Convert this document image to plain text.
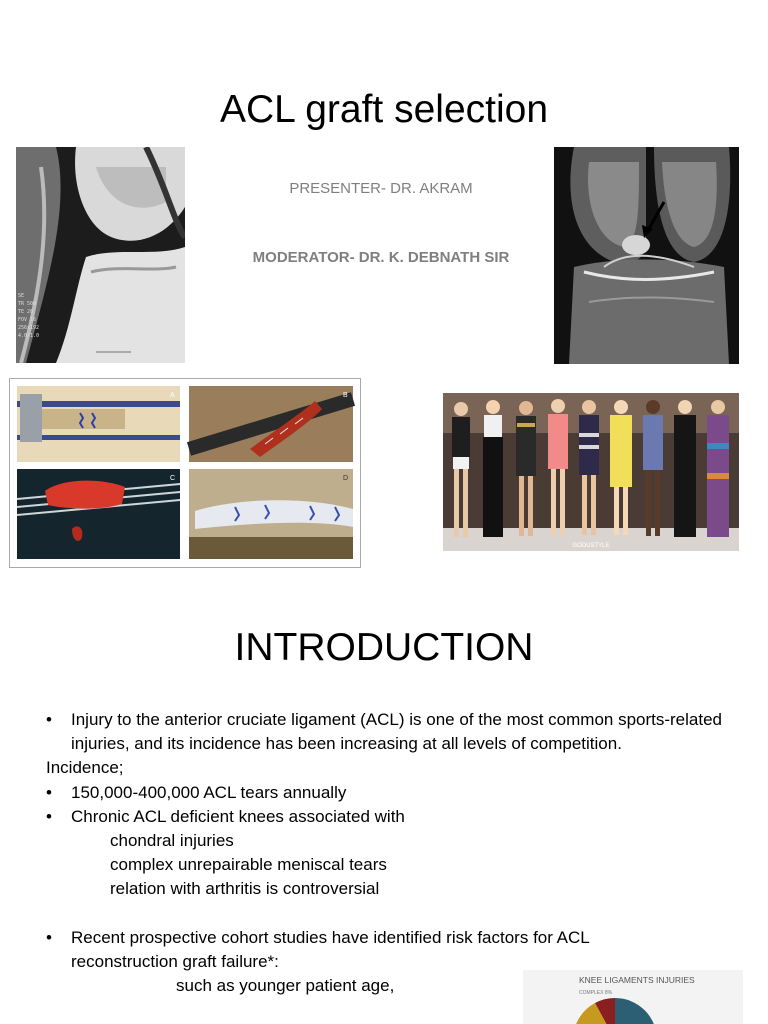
ACL graft selection
SE
TR 500
TE 20
FOV 16
256x192
4.0/1.0
PRESENTER- DR. AKRAM
MODERATOR- DR. K. DEBNATH SIR
A	B
C	D
GODUSTYLE
INTRODUCTION
• Injury to the anterior cruciate ligament (ACL) is one of the most common sports-related injuries, and its incidence has been increasing at all levels of competition.
Incidence;
• 150,000-400,000 ACL tears annually
• Chronic ACL deficient knees associated with
chondral injuries
complex unrepairable meniscal tears
relation with arthritis is controversial
• Recent prospective cohort studies have identified risk factors for ACL reconstruction graft failure*:
such as younger patient age,	KNEE LIGAMENTS INJURIES
COMPLEX 8%
